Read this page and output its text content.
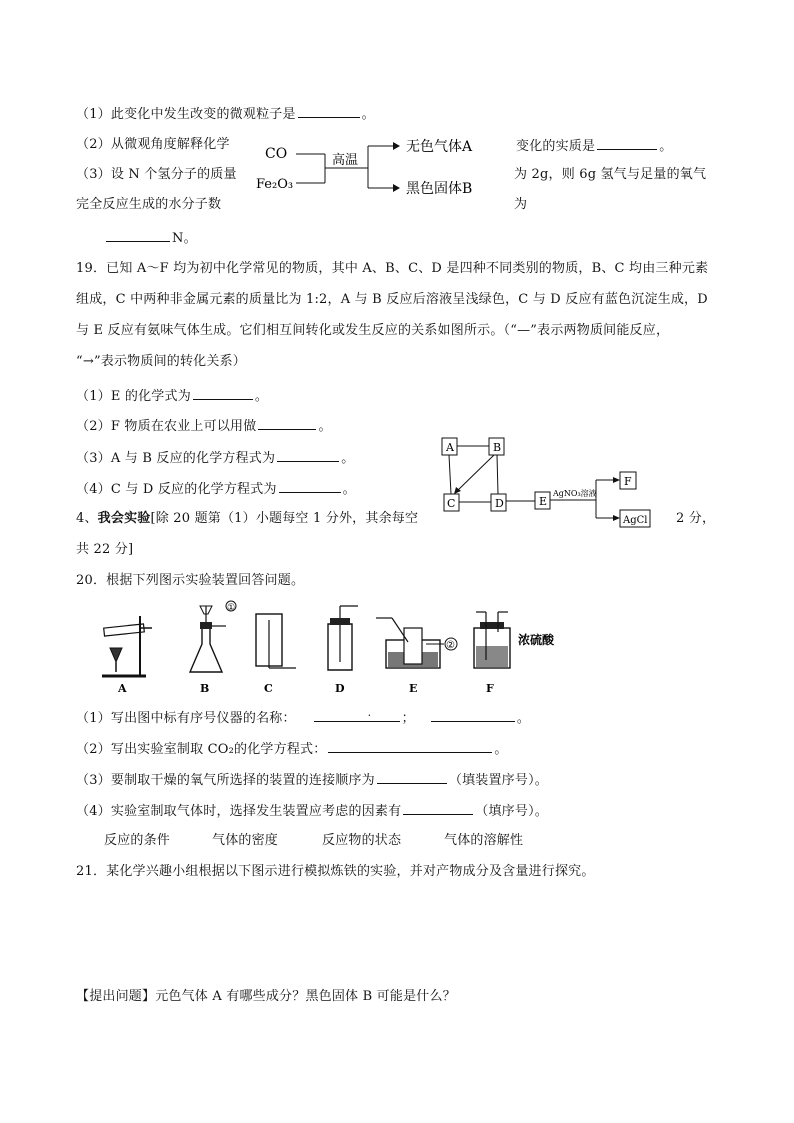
（1）此变化中发生改变的微观粒子是	。
（2）从微观角度解释化学	变化的实质是	。
（3）设 N 个氢分子的质量	为 2g，则 6g 氢气与足量的氧气
完全反应生成的水分子数	为
N。
CO
Fe₂O₃
高温
无色气体A
黑色固体B
19．已知 A～F 均为初中化学常见的物质，其中 A、B、C、D 是四种不同类别的物质，B、C 均由三种元素
组成，C 中两种非金属元素的质量比为 1:2，A 与 B 反应后溶液呈浅绿色，C 与 D 反应有蓝色沉淀生成，D
与 E 反应有氨味气体生成。它们相互间转化或发生反应的关系如图所示。（“—”表示两物质间能反应，
“→”表示物质间的转化关系）
（1）E 的化学式为	。
（2）F 物质在农业上可以用做	。
（3）A 与 B 反应的化学方程式为	。
（4）C 与 D 反应的化学方程式为	。
A	B
C	D	E
F
AgCl
AgNO₃溶液
4、我会实验[除 20 题第（1）小题每空 1 分外，其余每空	2 分，
共 22 分]
20．根据下列图示实验装置回答问题。
A
①
B	C	D
②
E
浓硫酸
F
（1）写出图中标有序号仪器的名称：	. ；	。
（2）写出实验室制取 CO₂的化学方程式：	。
（3）要制取干燥的氧气所选择的装置的连接顺序为	（填装置序号）。
（4）实验室制取气体时，选择发生装置应考虑的因素有	（填序号）。
反应的条件	气体的密度	反应物的状态	气体的溶解性
21．某化学兴趣小组根据以下图示进行模拟炼铁的实验，并对产物成分及含量进行探究。
【提出问题】元色气体 A 有哪些成分？黑色固体 B 可能是什么？
